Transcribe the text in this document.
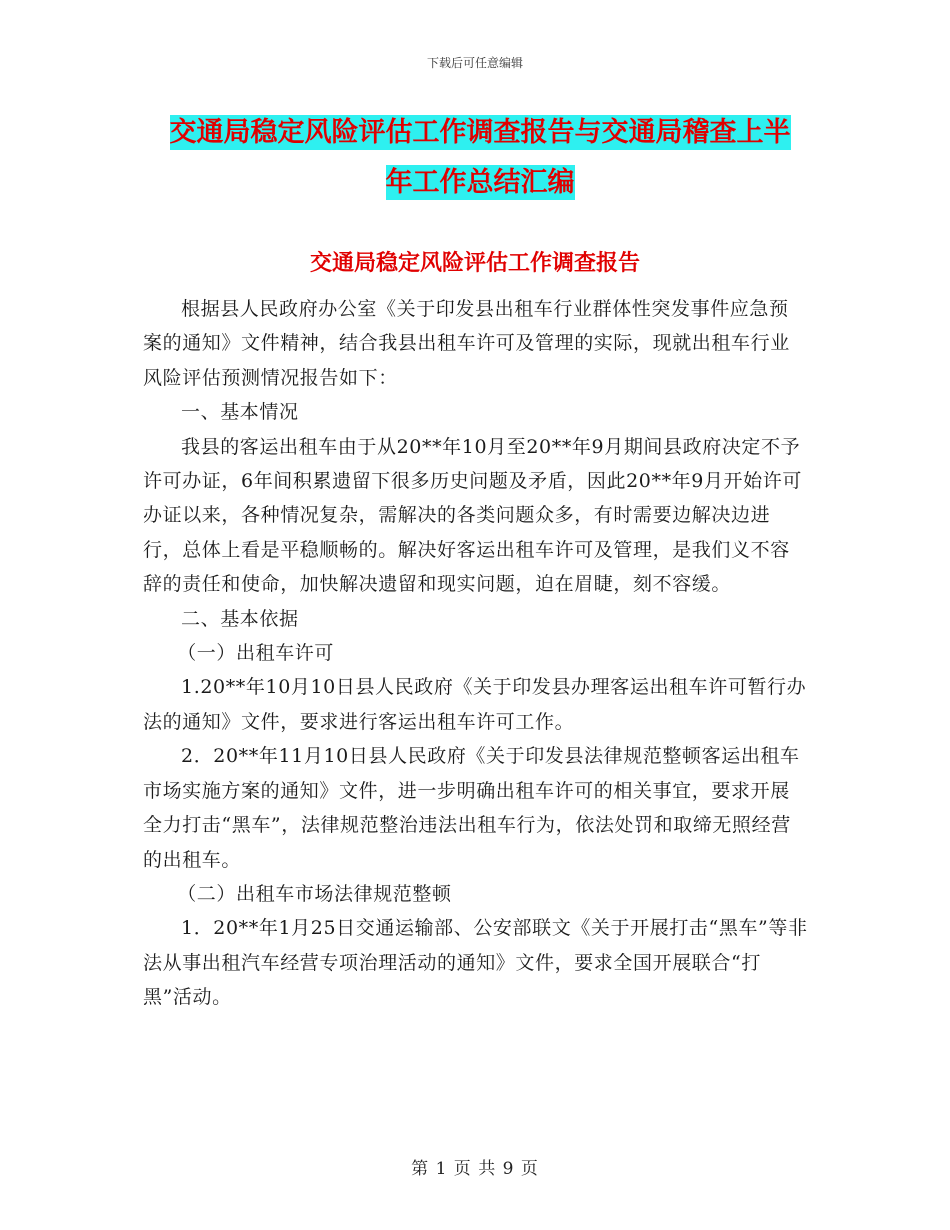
下载后可任意编辑
交通局稳定风险评估工作调查报告与交通局稽查上半
年工作总结汇编
交通局稳定风险评估工作调查报告

根据县人民政府办公室《关于印发县出租车行业群体性突发事件应急预案的通知》文件精神，结合我县出租车许可及管理的实际，现就出租车行业风险评估预测情况报告如下：

一、基本情况

我县的客运出租车由于从20**年10月至20**年9月期间县政府决定不予许可办证，6年间积累遗留下很多历史问题及矛盾，因此20**年9月开始许可办证以来，各种情况复杂，需解决的各类问题众多，有时需要边解决边进行，总体上看是平稳顺畅的。解决好客运出租车许可及管理，是我们义不容辞的责任和使命，加快解决遗留和现实问题，迫在眉睫，刻不容缓。

二、基本依据

（一）出租车许可

1.20**年10月10日县人民政府《关于印发县办理客运出租车许可暂行办法的通知》文件，要求进行客运出租车许可工作。

2．20**年11月10日县人民政府《关于印发县法律规范整顿客运出租车市场实施方案的通知》文件，进一步明确出租车许可的相关事宜，要求开展全力打击“黑车”，法律规范整治违法出租车行为，依法处罚和取缔无照经营的出租车。

（二）出租车市场法律规范整顿

1．20**年1月25日交通运输部、公安部联文《关于开展打击“黑车”等非法从事出租汽车经营专项治理活动的通知》文件，要求全国开展联合“打黑”活动。

第 1 页 共 9 页
